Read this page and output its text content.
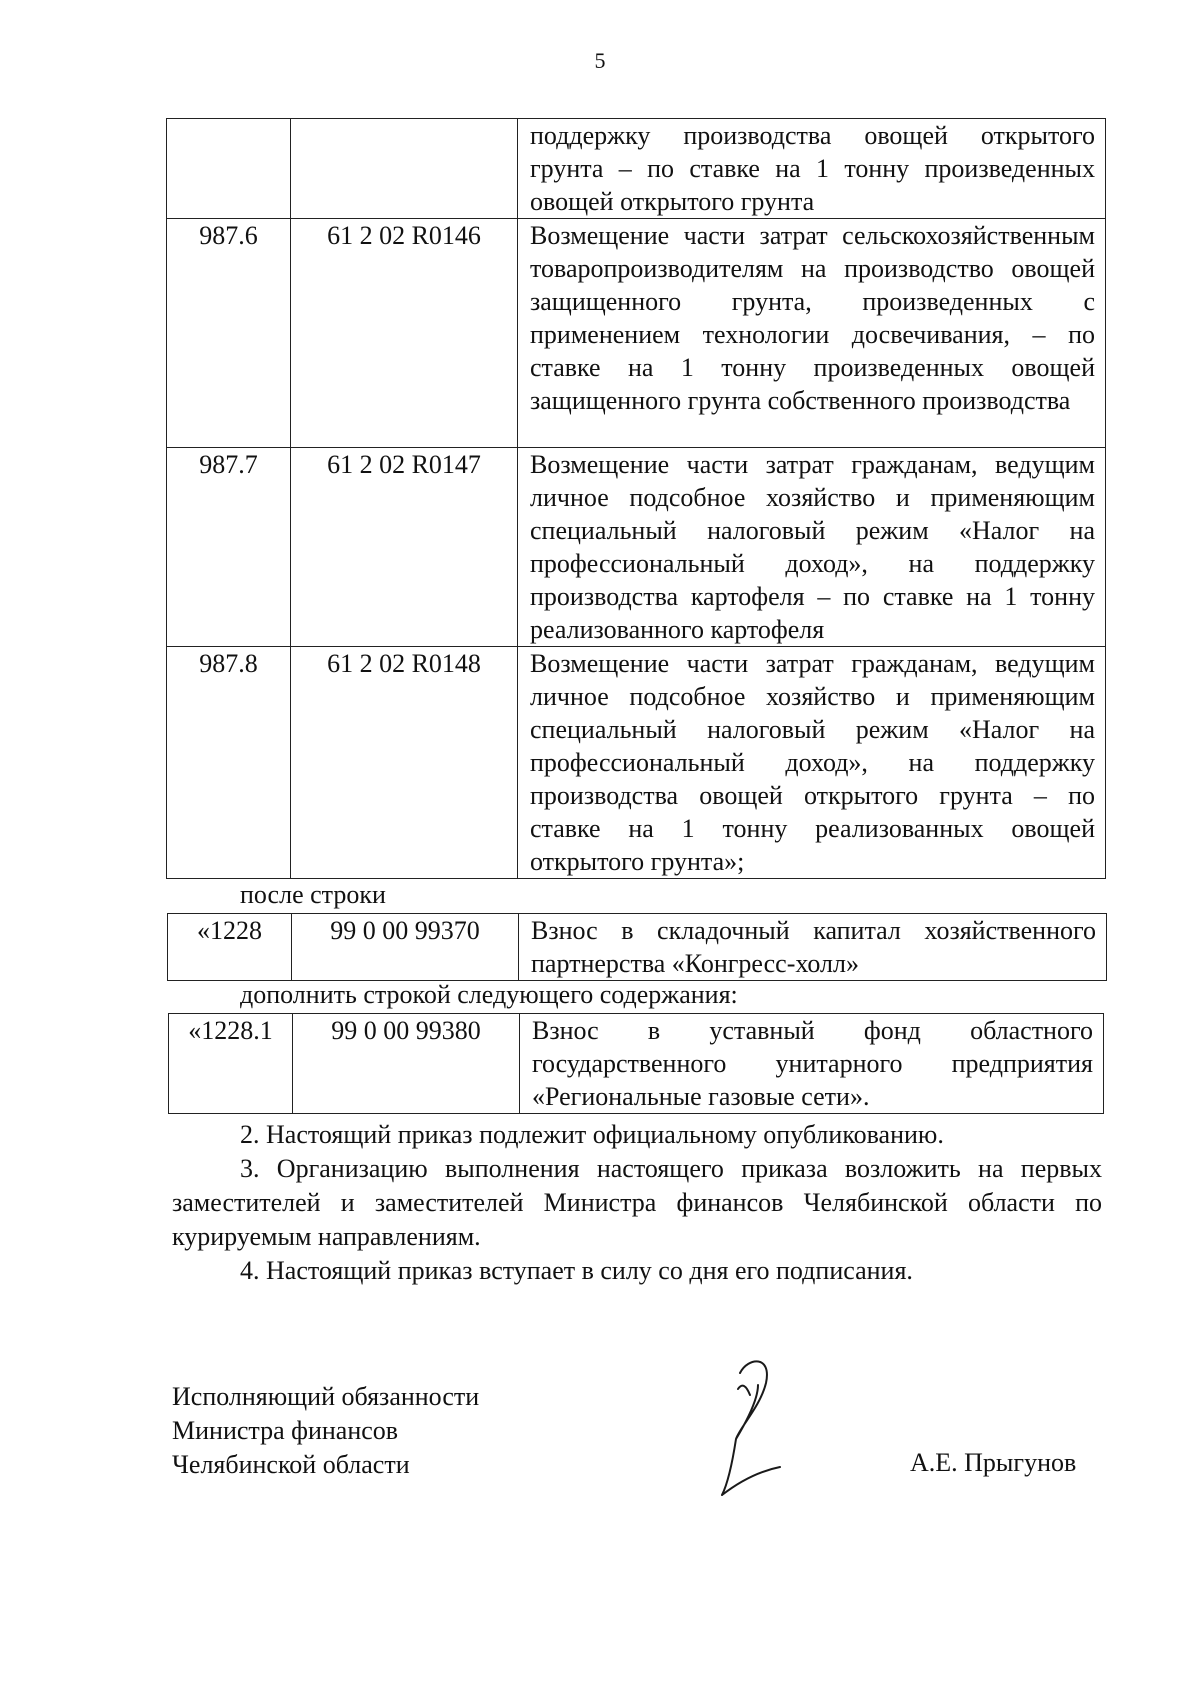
5
		поддержку производства овощей открытого грунта – по ставке на 1 тонну произведенных овощей открытого грунта
987.6	61 2 02 R0146	Возмещение части затрат сельскохозяйственным товаропроизводителям на производство овощей защищенного грунта, произведенных с применением технологии досвечивания, – по ставке на 1 тонну произведенных овощей защищенного грунта собственного производства
987.7	61 2 02 R0147	Возмещение части затрат гражданам, ведущим личное подсобное хозяйство и применяющим специальный налоговый режим «Налог на профессиональный доход», на поддержку производства картофеля – по ставке на 1 тонну реализованного картофеля
987.8	61 2 02 R0148	Возмещение части затрат гражданам, ведущим личное подсобное хозяйство и применяющим специальный налоговый режим «Налог на профессиональный доход», на поддержку производства овощей открытого грунта – по ставке на 1 тонну реализованных овощей открытого грунта»;
после строки
«1228	99 0 00 99370	Взнос в складочный капитал хозяйственного партнерства «Конгресс-холл»
дополнить строкой следующего содержания:
«1228.1	99 0 00 99380	Взнос в уставный фонд областного государственного унитарного предприятия «Региональные газовые сети».
2. Настоящий приказ подлежит официальному опубликованию.
3. Организацию выполнения настоящего приказа возложить на первых заместителей и заместителей Министра финансов Челябинской области по курируемым направлениям.
4. Настоящий приказ вступает в силу со дня его подписания.
Исполняющий обязанности
Министра финансов
Челябинской области	А.Е. Прыгунов
